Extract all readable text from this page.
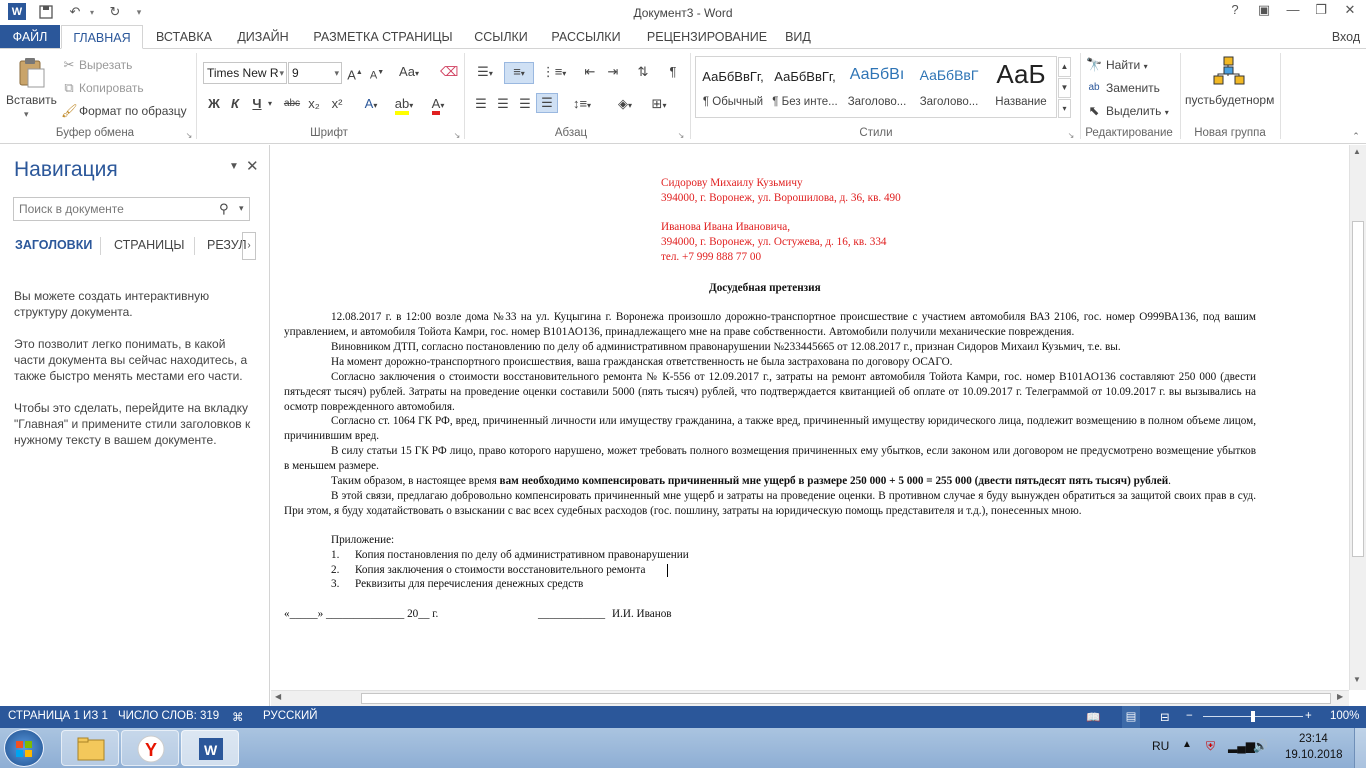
W	↶	▾	↻	▾	Документ3 - Word	?	▣	—	❐	✕
ФАЙЛ	ГЛАВНАЯ	ВСТАВКА	ДИЗАЙН	РАЗМЕТКА СТРАНИЦЫ	ССЫЛКИ	РАССЫЛКИ	РЕЦЕНЗИРОВАНИЕ	ВИД	Вход
Вставить
▾
✂ Вырезать
⧉ Копировать
🖌 Формат по образцу
Буфер обмена	↘
Times New R ▾ 9	▾ A▲ A▼ Aa▾ ⌫
Ж К Ч ▾	abc x₂ x²	A▾	ab▾	A▾
Шрифт	↘
☰▾	≡▾	⋮≡▾	⇤ ⇥	⇅	¶
☰ ☰ ☰ ☰	↕≡▾	◈▾	⊞▾
Абзац	↘
АаБбВвГг,
¶ Обычный
АаБбВвГг,
¶ Без инте...
АаБбВı
Заголово...
АаБбВвГ
Заголово...
АаБ
Название
▲
▼
▾
Стили	↘
🔭 Найти ▾
ab Заменить
⬉ Выделить ▾
Редактирование
пустьбудетнорм
Новая группа	⌃
Навигация	▼ ✕
Поиск в документе	⚲ ▾
ЗАГОЛОВКИ СТРАНИЦЫ РЕЗУЛ ›
Вы можете создать интерактивную структуру документа.
Это позволит легко понимать, в какой части документа вы сейчас находитесь, а также быстро менять местами его части.
Чтобы это сделать, перейдите на вкладку "Главная" и примените стили заголовков к нужному тексту в вашем документе.
Сидорову Михаилу Кузьмичу
394000, г. Воронеж, ул. Ворошилова, д. 36, кв. 490
Иванова Ивана Ивановича,
394000, г. Воронеж, ул. Остужева, д. 16, кв. 334
тел. +7 999 888 77 00
Досудебная претензия
12.08.2017 г. в 12:00 возле дома №33 на ул. Куцыгина г. Воронежа произошло дорожно-транспортное происшествие с участием автомобиля ВАЗ 2106, гос. номер О999ВА136, под вашим управлением, и автомобиля Тойота Камри, гос. номер В101АО136, принадлежащего мне на праве собственности. Автомобили получили механические повреждения.
Виновником ДТП, согласно постановлению по делу об административном правонарушении №233445665 от 12.08.2017 г., признан Сидоров Михаил Кузьмич, т.е. вы.
На момент дорожно-транспортного происшествия, ваша гражданская ответственность не была застрахована по договору ОСАГО.
Согласно заключения о стоимости восстановительного ремонта № К-556 от 12.09.2017 г., затраты на ремонт автомобиля Тойота Камри, гос. номер В101АО136 составляют 250 000 (двести пятьдесят тысяч) рублей. Затраты на проведение оценки составили 5000 (пять тысяч) рублей, что подтверждается квитанцией об оплате от 10.09.2017 г. Телеграммой от 10.09.2017 г. вы вызывались на осмотр поврежденного автомобиля.
Согласно ст. 1064 ГК РФ, вред, причиненный личности или имуществу гражданина, а также вред, причиненный имуществу юридического лица, подлежит возмещению в полном объеме лицом, причинившим вред.
В силу статьи 15 ГК РФ лицо, право которого нарушено, может требовать полного возмещения причиненных ему убытков, если законом или договором не предусмотрено возмещение убытков в меньшем размере.
Таким образом, в настоящее время вам необходимо компенсировать причиненный мне ущерб в размере 250 000 + 5 000 = 255 000 (двести пятьдесят пять тысяч) рублей.
В этой связи, предлагаю добровольно компенсировать причиненный мне ущерб и затраты на проведение оценки. В противном случае я буду вынужден обратиться за защитой своих прав в суд. При этом, я буду ходатайствовать о взыскании с вас всех судебных расходов (гос. пошлину, затраты на юридическую помощь представителя и т.д.), понесенных мною.
Приложение:
1. Копия постановления по делу об административном правонарушении
2. Копия заключения о стоимости восстановительного ремонта
3. Реквизиты для перечисления денежных средств
«_____» ______________ 20__ г.	____________ И.И. Иванов
▲
▼
◀	▶
СТРАНИЦА 1 ИЗ 1 ЧИСЛО СЛОВ: 319 ⌘ РУССКИЙ	📖	▤	⊟ −	+ 100%
Y	W	RU ▲ ⛨ ▂▄▆
🔊	23:14
19.10.2018
